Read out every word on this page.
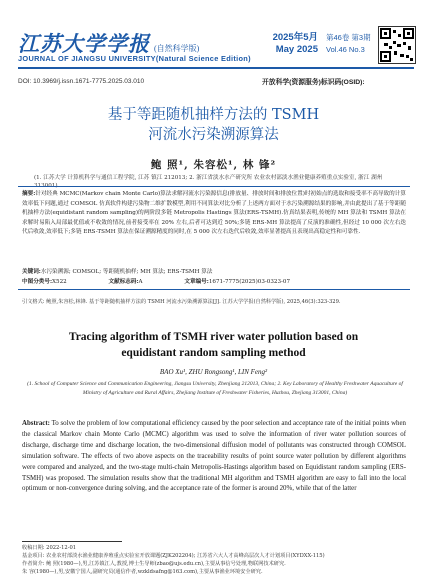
江苏大学学报 (自然科学版)
JOURNAL OF JIANGSU UNIVERSITY(Natural Science Edition)
2025年5月
May 2025
第46卷 第3期
Vol.46 No.3
DOI: 10.3969/j.issn.1671-7775.2025.03.010	开放科学(资源服务)标识码(OSID):
基于等距随机抽样方法的 TSMH
河流水污染溯源算法
鲍 照¹, 朱容松¹, 林 锋²
(1. 江苏大学 计算机科学与通信工程学院, 江苏 镇江 212013; 2. 浙江省淡水水产研究所 农业农村部淡水渔业健康养殖重点实验室, 浙江 湖州 313001)
摘要:针对经典 MCMC(Markov chain Monte Carlo)算法求解河流水污染源信息(排放量、排放时间和排放位置)时初始点的选取和接受率不高导致的计算效率低下问题,通过 COMSOL 仿真软件构建污染物二维扩散模型,利用不同算法对比分析了上述两方面对于水污染溯源结果的影响,并由此提出了基于等距随机抽样方法(equidistant random sampling)的两阶段多链 Metropolis Hastings 算法(ERS-TSMH).仿真结果表明,传统的 MH 算法和 TSMH 算法在求解时易陷入局部最优值或不收敛的情况,前者接受率在 20% 左右,后者可达到近 50%;多链 ERS-MH 算法提高了反演的准确性,但经过 10 000 次左右迭代后收敛,效率低下;多链 ERS-TSMH 算法在保证溯源精度的同时,在 5 000 次左右迭代后收敛,效率显著提高且表现出高稳定性和可靠性.
关键词:水污染溯源; COMSOL; 等距随机抽样; MH 算法; ERS-TSMH 算法
中图分类号:X522	文献标志码:A	文章编号:1671-7775(2025)03-0323-07
引文格式: 鲍照,朱容松,林锋. 基于等距随机抽样方法的 TSMH 河流水污染溯源算法[J]. 江苏大学学报(自然科学版), 2025,46(3):323-329.
Tracing algorithm of TSMH river water pollution based on
equidistant random sampling method
BAO Xu¹, ZHU Rongsong¹, LIN Feng²
(1. School of Computer Science and Communication Engineering, Jiangsu University, Zhenjiang 212013, China; 2. Key Laboratory of Healthy Freshwater Aquaculture of Ministry of Agriculture and Rural Affairs, Zhejiang Institute of Freshwater Fisheries, Huzhou, Zhejiang 313001, China)
Abstract: To solve the problem of low computational efficiency caused by the poor selection and acceptance rate of the initial points when the classical Markov chain Monte Carlo (MCMC) algorithm was used to solve the information of river water pollution sources of discharge, discharge time and discharge location, the two-dimensional diffusion model of pollutants was constructed through COMSOL simulation software. The effects of two above aspects on the traceability results of point source water pollution by different algorithms were compared and analyzed, and the two-stage multi-chain Metropolis-Hastings algorithm based on Equidistant random sampling (ERS-TSMH) was proposed. The simulation results show that the traditional MH algorithm and TSMH algorithm are easy to fall into the local optimum or non-convergence during solving, and the acceptance rate of the former is around 20%, while that of the latter
收稿日期: 2022-12-01
基金项目: 农业农村部淡水渔业健康养殖重点实验室开放课题(ZJK202204); 江苏省六大人才高峰高层次人才计划项目(XYDXX-115)
作者简介: 鲍 照(1980—),男,江苏镇江人,教授,博士生导师(zbao@ujs.edu.cn),主要从事信号处理,物联网技术研究.
朱 容(1980—),男,安徽宁国人,副研究员(通信作者,wzkldsafng@163.com),主要从事渔业环境安全研究.
